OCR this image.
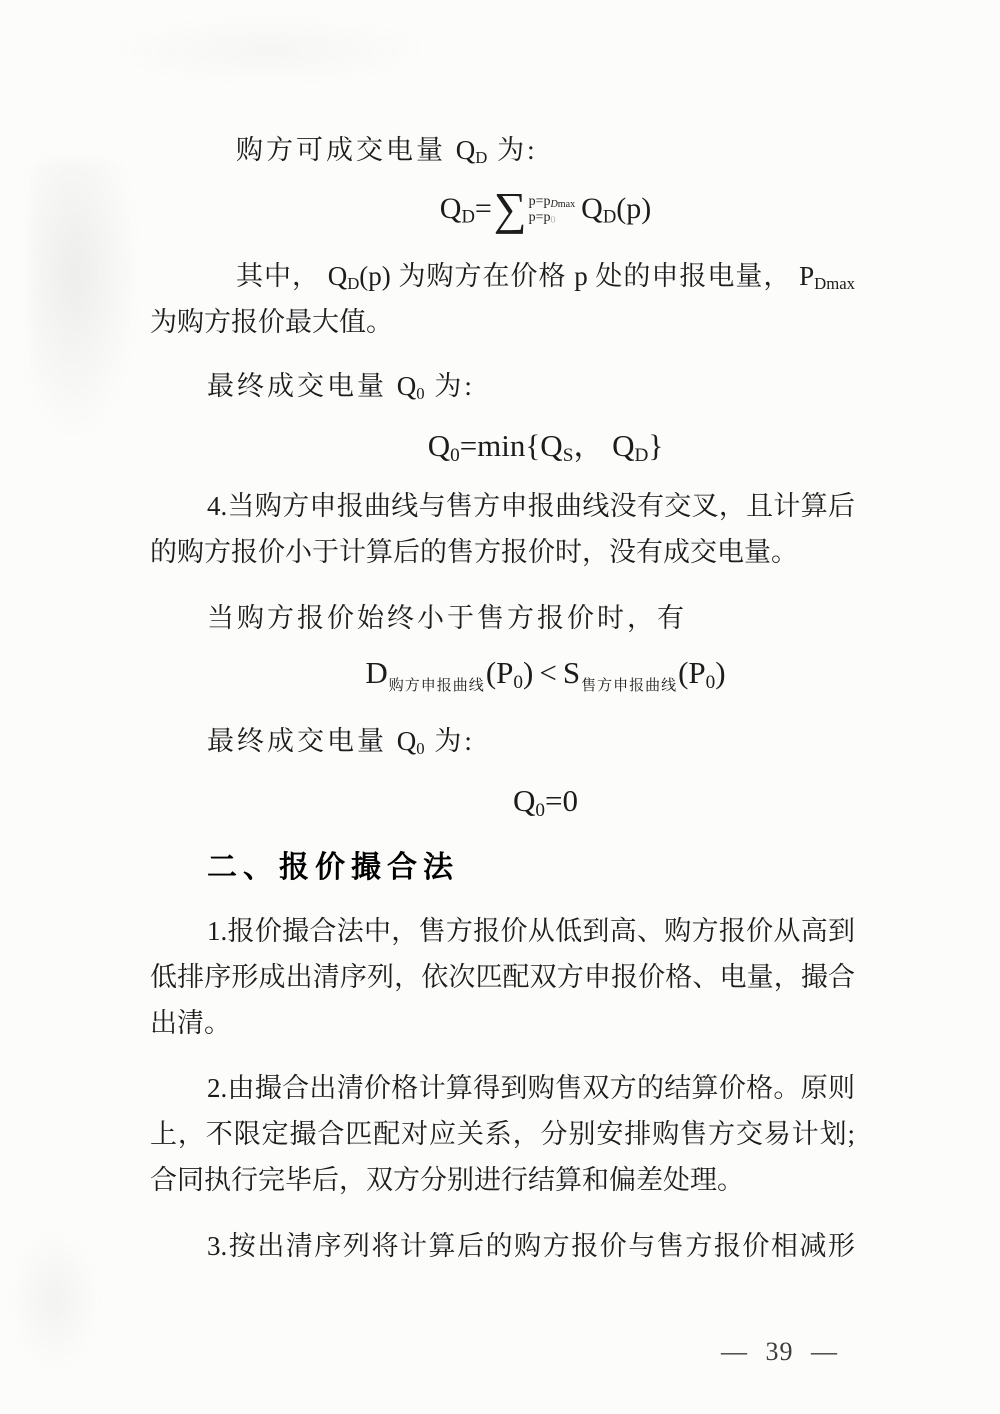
购方可成交电量 $Q_D$ 为:
$Q_D=$ ∑ $p=p_{Dmax}$
$p=p_0$ $Q_D(p)$
其中， $Q_D(p)$ 为购方在价格 p 处的申报电量， $P_{Dmax}$ 为购方报价最大值。
最终成交电量 $Q_0$ 为:
$Q_0=\min\{Q_S$， $Q_D$}
4.当购方申报曲线与售方申报曲线没有交叉，且计算后的购方报价小于计算后的售方报价时，没有成交电量。
当购方报价始终小于售方报价时，有
$D_{购方申报曲线}(P_0) < S_{售方申报曲线}(P_0)$
最终成交电量 $Q_0$ 为:
$Q_0=0$
二、报价撮合法
1.报价撮合法中，售方报价从低到高、购方报价从高到低排序形成出清序列，依次匹配双方申报价格、电量，撮合出清。
2.由撮合出清价格计算得到购售双方的结算价格。原则上，不限定撮合匹配对应关系，分别安排购售方交易计划;合同执行完毕后，双方分别进行结算和偏差处理。
3.按出清序列将计算后的购方报价与售方报价相减形
— 39 —
